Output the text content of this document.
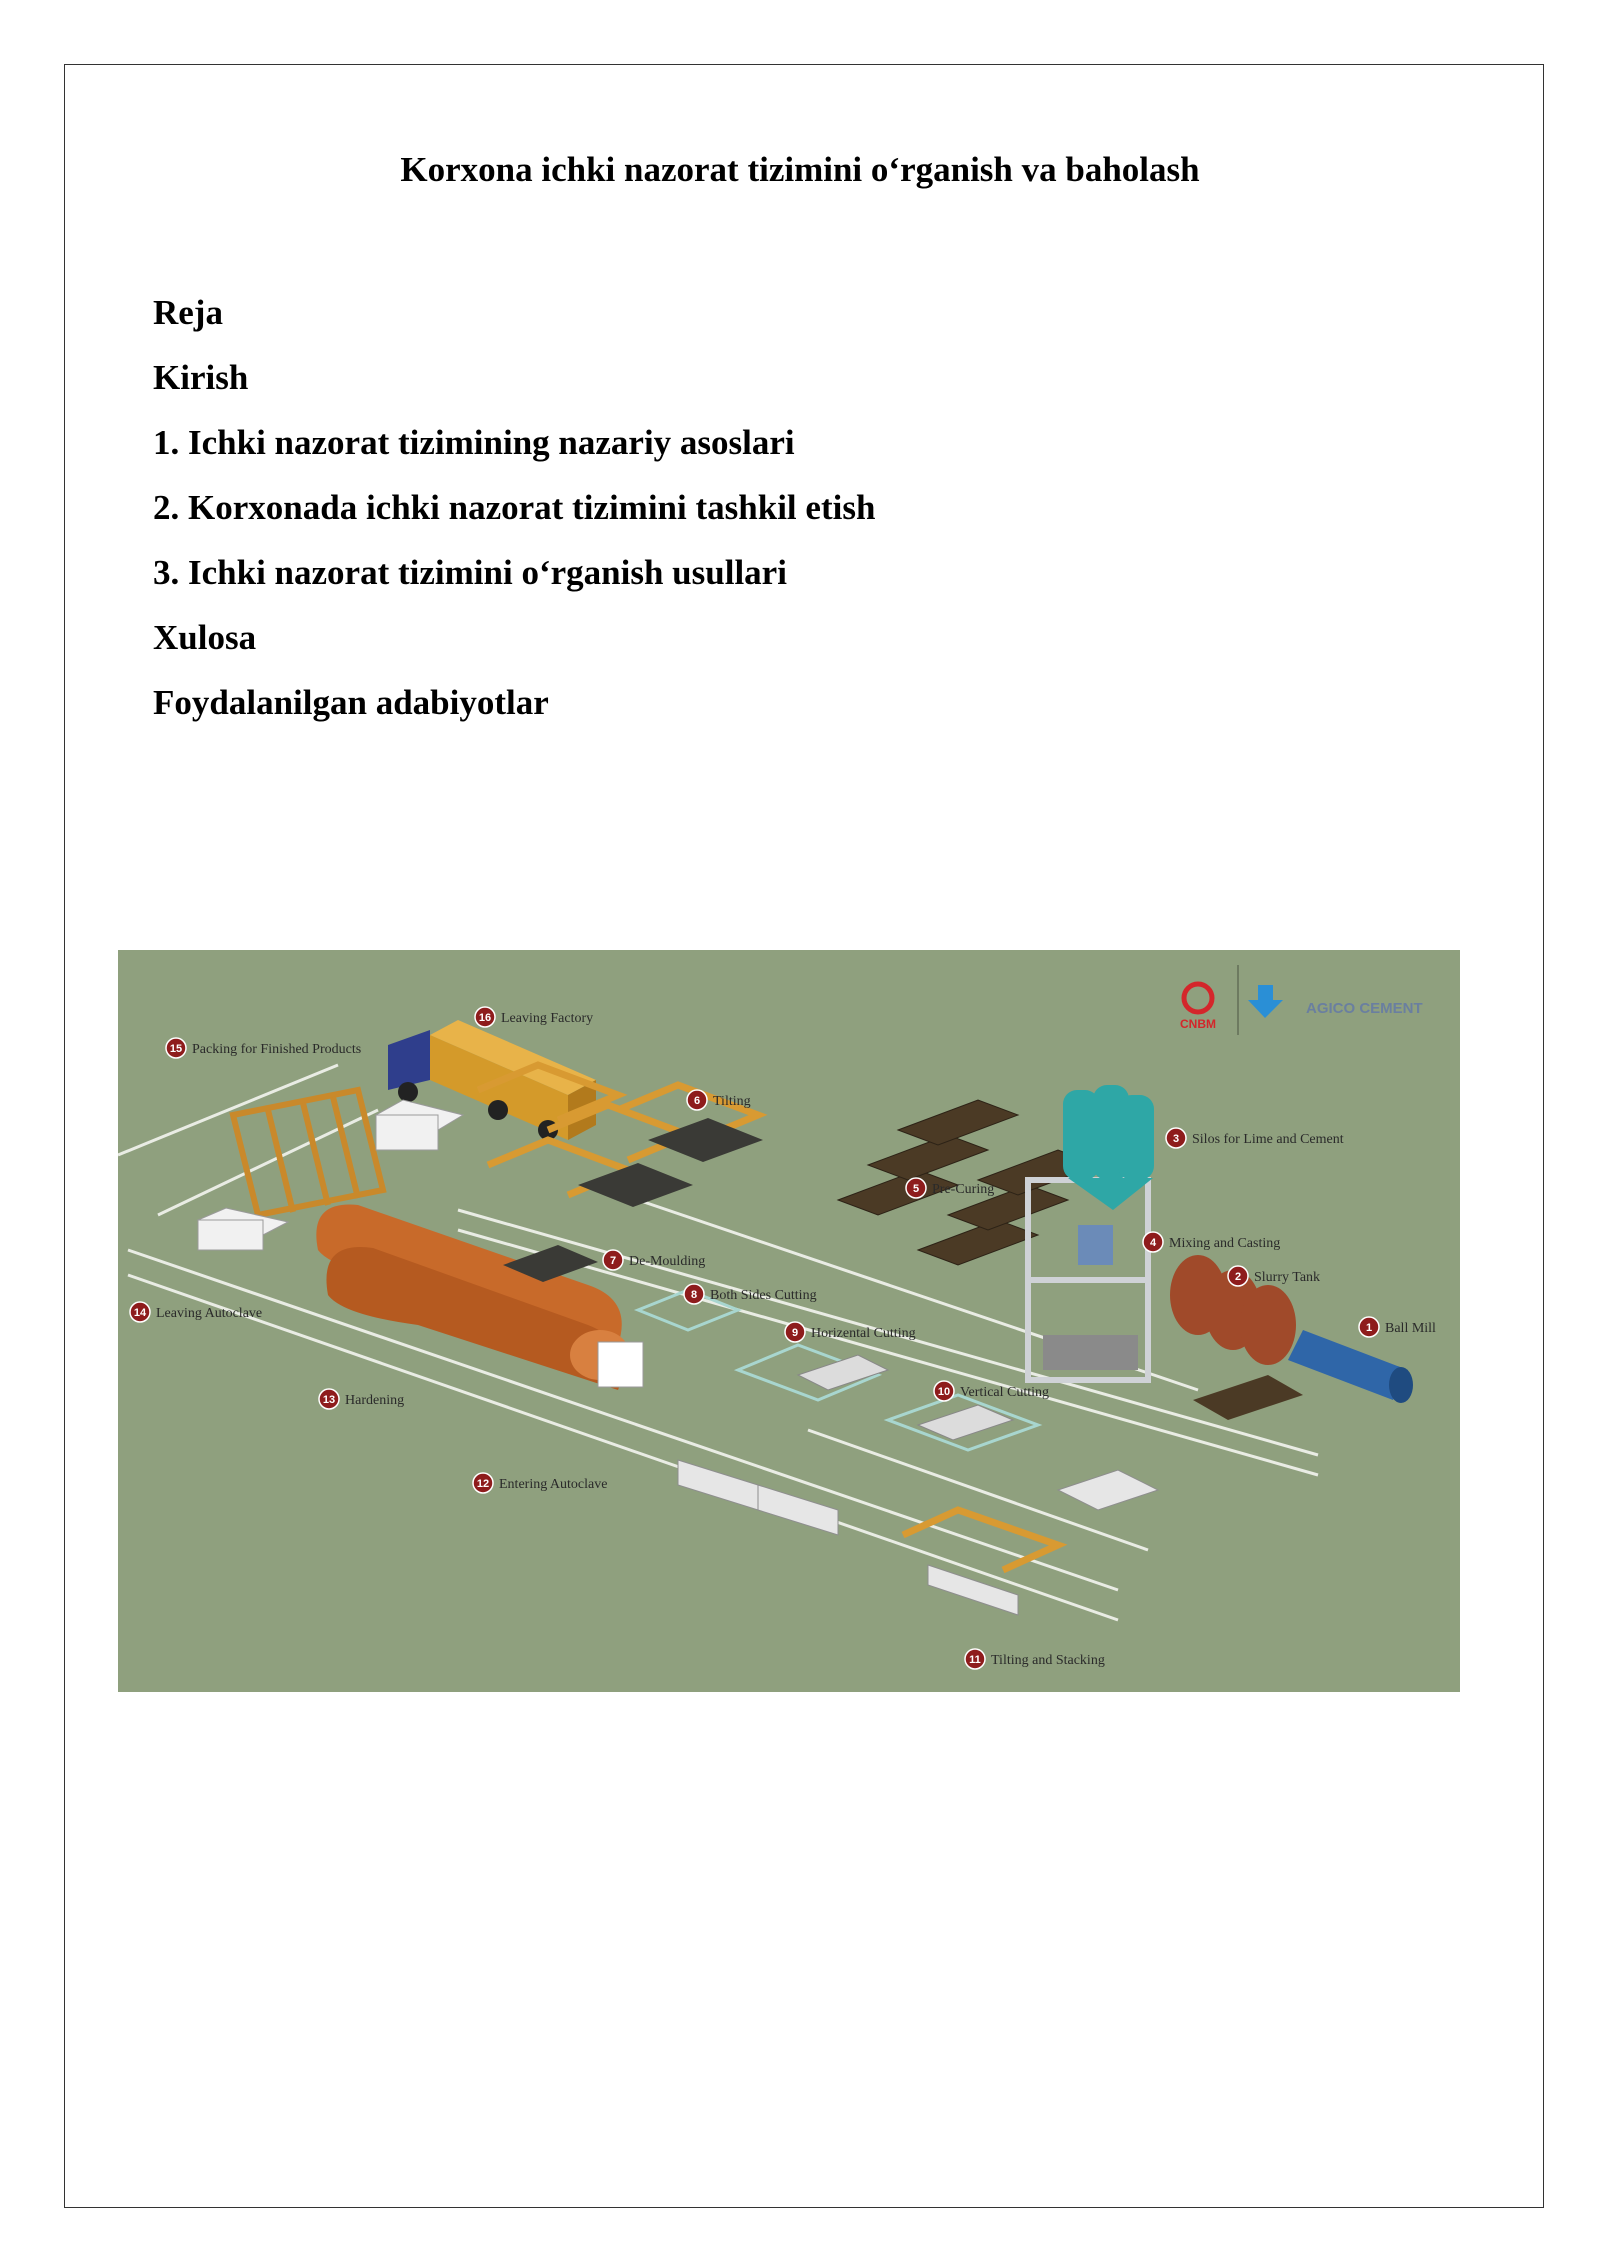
Korxona ichki nazorat tizimini o‘rganish va baholash
Reja
Kirish
1. Ichki nazorat tizimining nazariy asoslari
2. Korxonada ichki nazorat tizimini tashkil etish
3. Ichki nazorat tizimini o‘rganish usullari
Xulosa
Foydalanilgan adabiyotlar
CNBM
AGICO CEMENT
1 Ball Mill
2 Slurry Tank
3 Silos for Lime and Cement
4 Mixing and Casting
5 Pre-Curing
6 Tilting
7 De-Moulding
8 Both Sides Cutting
9 Horizental Cutting
10 Vertical Cutting
11 Tilting and Stacking
12 Entering Autoclave
13 Hardening
14 Leaving Autoclave
15 Packing for Finished Products
16 Leaving Factory
